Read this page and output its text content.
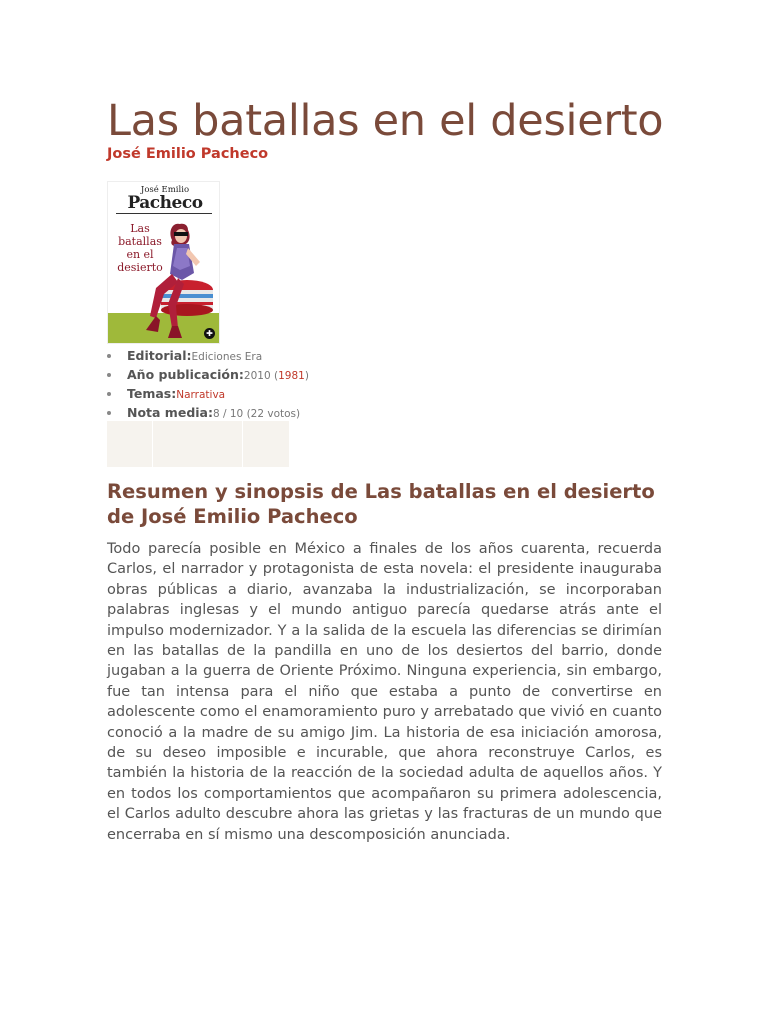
Las batallas en el desierto
José Emilio Pacheco
José Emilio
Pacheco
Las batallas en el desierto
✚
Editorial:Ediciones Era
Año publicación:2010 (1981)
Temas:Narrativa
Nota media:8 / 10 (22 votos)
Resumen y sinopsis de Las batallas en el desierto de José Emilio Pacheco

Todo parecía posible en México a finales de los años cuarenta, recuerda Carlos, el narrador y protagonista de esta novela: el presidente inauguraba obras públicas a diario, avanzaba la industrialización, se incorporaban palabras inglesas y el mundo antiguo parecía quedarse atrás ante el impulso modernizador. Y a la salida de la escuela las diferencias se dirimían en las batallas de la pandilla en uno de los desiertos del barrio, donde jugaban a la guerra de Oriente Próximo. Ninguna experiencia, sin embargo, fue tan intensa para el niño que estaba a punto de convertirse en adolescente como el enamoramiento puro y arrebatado que vivió en cuanto conoció a la madre de su amigo Jim. La historia de esa iniciación amorosa, de su deseo imposible e incurable, que ahora reconstruye Carlos, es también la historia de la reacción de la sociedad adulta de aquellos años. Y en todos los comportamientos que acompañaron su primera adolescencia, el Carlos adulto descubre ahora las grietas y las fracturas de un mundo que encerraba en sí mismo una descomposición anunciada.
